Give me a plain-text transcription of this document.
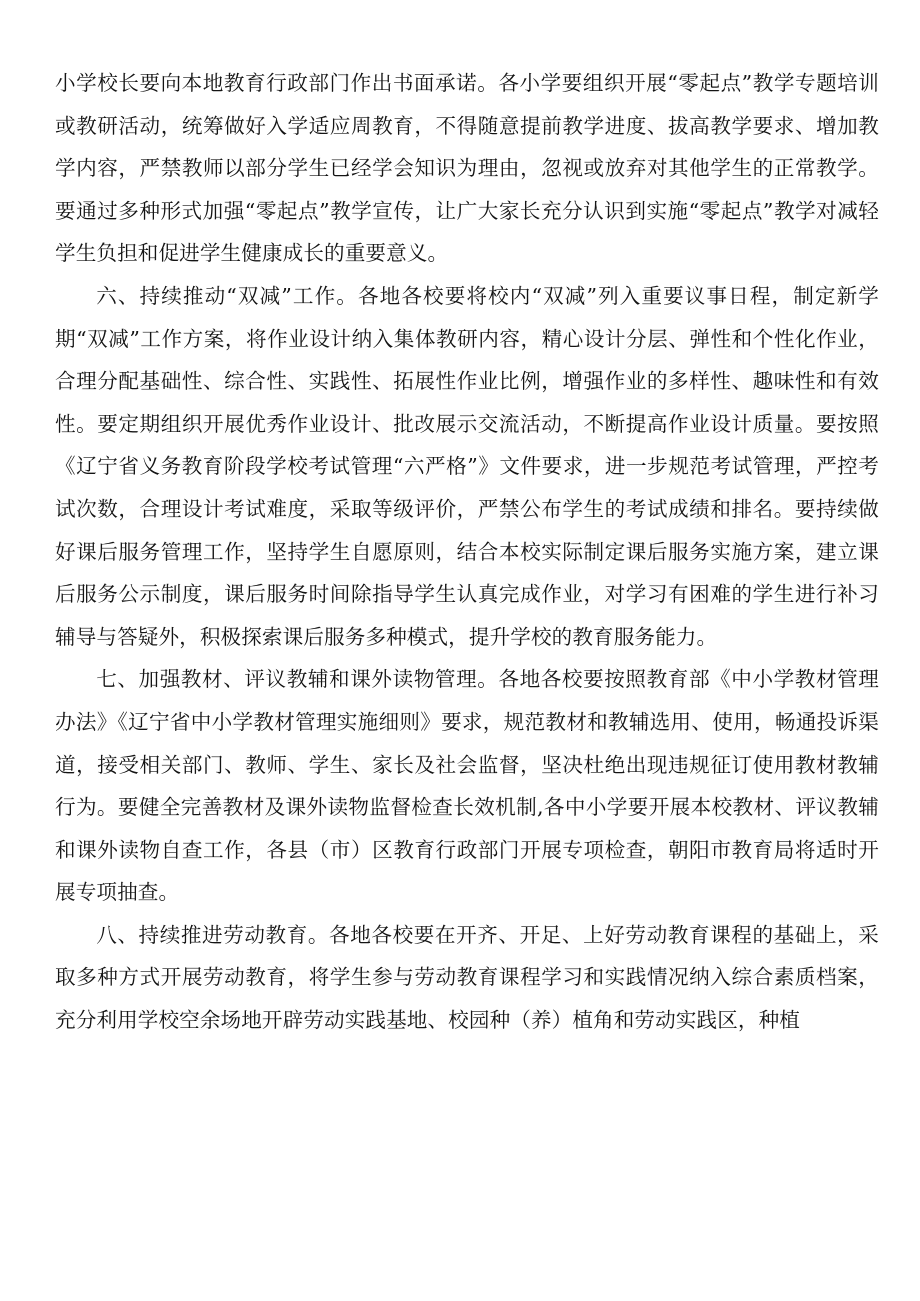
小学校长要向本地教育行政部门作出书面承诺。各小学要组织开展“零起点”教学专题培训或教研活动，统筹做好入学适应周教育，不得随意提前教学进度、拔高教学要求、增加教学内容，严禁教师以部分学生已经学会知识为理由，忽视或放弃对其他学生的正常教学。要通过多种形式加强“零起点”教学宣传，让广大家长充分认识到实施“零起点”教学对减轻学生负担和促进学生健康成长的重要意义。

六、持续推动“双减”工作。各地各校要将校内“双减”列入重要议事日程，制定新学期“双减”工作方案，将作业设计纳入集体教研内容，精心设计分层、弹性和个性化作业，合理分配基础性、综合性、实践性、拓展性作业比例，增强作业的多样性、趣味性和有效性。要定期组织开展优秀作业设计、批改展示交流活动，不断提高作业设计质量。要按照《辽宁省义务教育阶段学校考试管理“六严格”》文件要求，进一步规范考试管理，严控考试次数，合理设计考试难度，采取等级评价，严禁公布学生的考试成绩和排名。要持续做好课后服务管理工作，坚持学生自愿原则，结合本校实际制定课后服务实施方案，建立课后服务公示制度，课后服务时间除指导学生认真完成作业，对学习有困难的学生进行补习辅导与答疑外，积极探索课后服务多种模式，提升学校的教育服务能力。

七、加强教材、评议教辅和课外读物管理。各地各校要按照教育部《中小学教材管理办法》《辽宁省中小学教材管理实施细则》要求，规范教材和教辅选用、使用，畅通投诉渠道，接受相关部门、教师、学生、家长及社会监督，坚决杜绝出现违规征订使用教材教辅行为。要健全完善教材及课外读物监督检查长效机制,各中小学要开展本校教材、评议教辅和课外读物自查工作，各县（市）区教育行政部门开展专项检查，朝阳市教育局将适时开展专项抽查。

八、持续推进劳动教育。各地各校要在开齐、开足、上好劳动教育课程的基础上，采取多种方式开展劳动教育，将学生参与劳动教育课程学习和实践情况纳入综合素质档案，充分利用学校空余场地开辟劳动实践基地、校园种（养）植角和劳动实践区，种植
